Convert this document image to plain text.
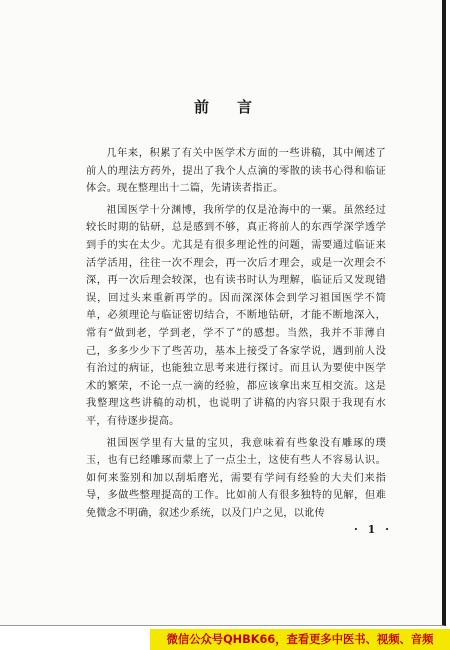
前言

几年来，积累了有关中医学术方面的一些讲稿，其中阐述了前人的理法方药外，提出了我个人点滴的零散的读书心得和临证体会。现在整理出十二篇，先请读者指正。

祖国医学十分渊博，我所学的仅是沧海中的一粟。虽然经过较长时期的钻研，总是感到不够，真正将前人的东西学深学透学到手的实在太少。尤其是有很多理论性的问题，需要通过临证来活学活用，往往一次不理会，再一次后才理会，或是一次理会不深，再一次后理会较深，也有读书时认为理解，临证后又发现错误，回过头来重新再学的。因而深深体会到学习祖国医学不简单，必须理论与临证密切结合，不断地钻研，才能不断地深入，常有“做到老，学到老，学不了”的感想。当然，我并不菲薄自己，多多少少下了些苦功，基本上接受了各家学说，遇到前人没有治过的病证，也能独立思考来进行探讨。而且认为要使中医学术的繁荣，不论一点一滴的经验，都应该拿出来互相交流。这是我整理这些讲稿的动机，也说明了讲稿的内容只限于我现有水平，有待逐步提高。

祖国医学里有大量的宝贝，我意味着有些象没有雕琢的璞玉，也有已经雕琢而蒙上了一点尘土，这使有些人不容易认识。如何来鉴别和加以刮垢磨光，需要有学问有经验的大夫们来指导，多做些整理提高的工作。比如前人有很多独特的见解，但难免微念不明确，叙述少系统，以及门户之见，以讹传

· 1 ·
微信公众号QHBK66，查看更多中医书、视频、音频
